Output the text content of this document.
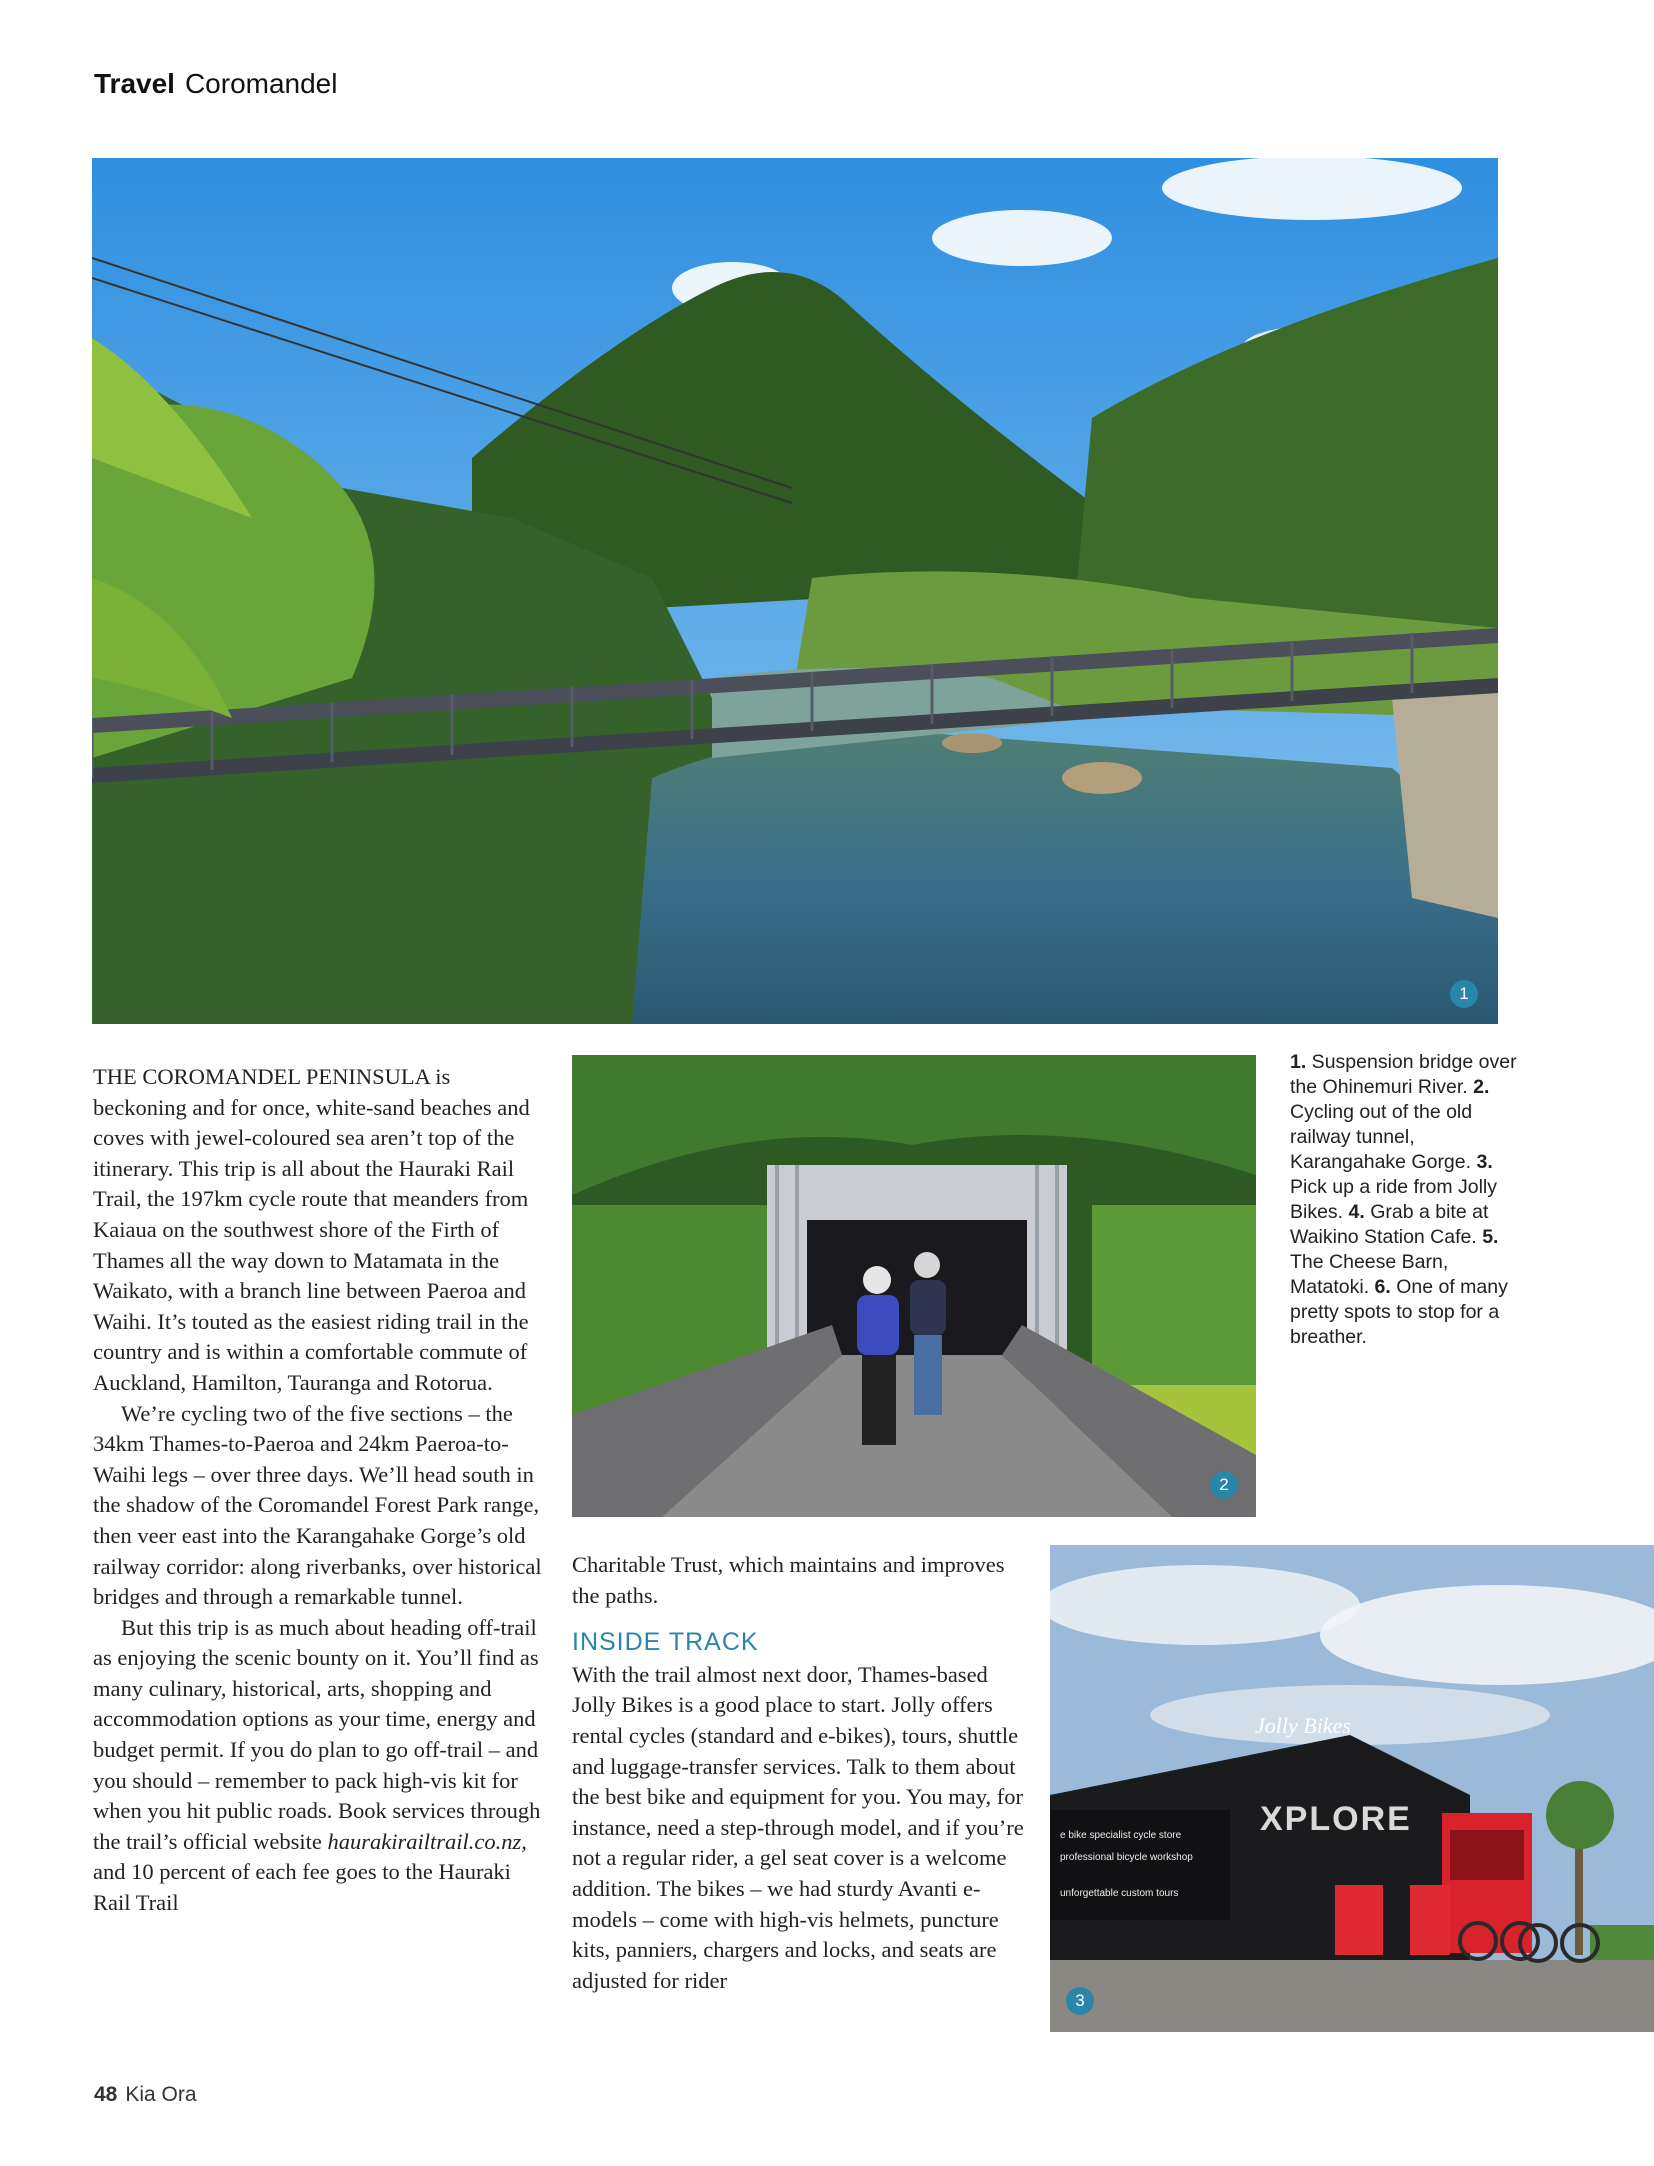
Travel Coromandel
1
2
Jolly Bikes
XPLORE
e bike specialist cycle store
professional bicycle workshop
unforgettable custom tours
3

THE COROMANDEL PENINSULA is beckoning and for once, white-sand beaches and coves with jewel-coloured sea aren’t top of the itinerary. This trip is all about the Hauraki Rail Trail, the 197km cycle route that meanders from Kaiaua on the southwest shore of the Firth of Thames all the way down to Matamata in the Waikato, with a branch line between Paeroa and Waihi. It’s touted as the easiest riding trail in the country and is within a comfortable commute of Auckland, Hamilton, Tauranga and Rotorua.

We’re cycling two of the five sections – the 34km Thames-to-Paeroa and 24km Paeroa-to-Waihi legs – over three days. We’ll head south in the shadow of the Coromandel Forest Park range, then veer east into the Karangahake Gorge’s old railway corridor: along riverbanks, over historical bridges and through a remarkable tunnel.

But this trip is as much about heading off-trail as enjoying the scenic bounty on it. You’ll find as many culinary, historical, arts, shopping and accommodation options as your time, energy and budget permit. If you do plan to go off-trail – and you should – remember to pack high-vis kit for when you hit public roads. Book services through the trail’s official website haurakirailtrail.co.nz, and 10 percent of each fee goes to the Hauraki Rail Trail

Charitable Trust, which maintains and improves the paths.

INSIDE TRACK

With the trail almost next door, Thames-based Jolly Bikes is a good place to start. Jolly offers rental cycles (standard and e-bikes), tours, shuttle and luggage-transfer services. Talk to them about the best bike and equipment for you. You may, for instance, need a step-through model, and if you’re not a regular rider, a gel seat cover is a welcome addition. The bikes – we had sturdy Avanti e-models – come with high-vis helmets, puncture kits, panniers, chargers and locks, and seats are adjusted for rider

1. Suspension bridge over the Ohinemuri River. 2. Cycling out of the old railway tunnel, Karangahake Gorge. 3. Pick up a ride from Jolly Bikes. 4. Grab a bite at Waikino Station Cafe. 5. The Cheese Barn, Matatoki. 6. One of many pretty spots to stop for a breather.
48 Kia Ora
